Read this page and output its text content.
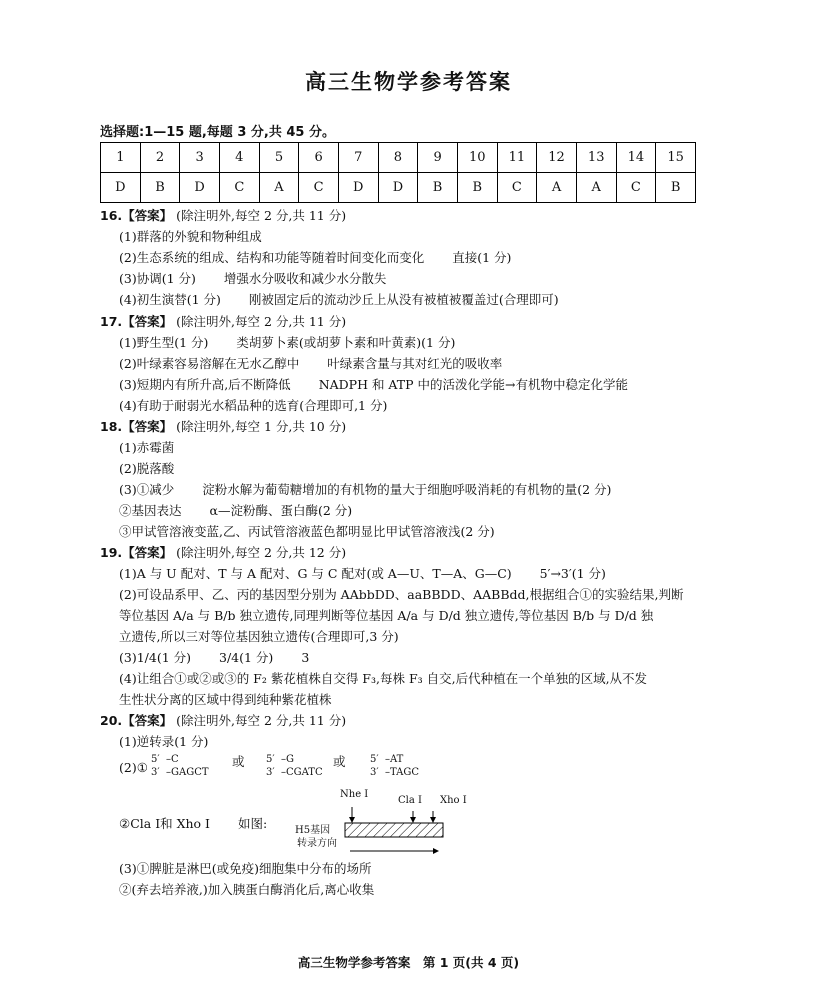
高三生物学参考答案
选择题:1—15 题,每题 3 分,共 45 分。
1	2	3	4	5	6	7	8	9	10	11	12	13	14	15
D	B	D	C	A	C	D	D	B	B	C	A	A	C	B
16.【答案】 (除注明外,每空 2 分,共 11 分)
(1)群落的外貌和物种组成
(2)生态系统的组成、结构和功能等随着时间变化而变化 直接(1 分)
(3)协调(1 分) 增强水分吸收和减少水分散失
(4)初生演替(1 分) 刚被固定后的流动沙丘上从没有被植被覆盖过(合理即可)
17.【答案】 (除注明外,每空 2 分,共 11 分)
(1)野生型(1 分) 类胡萝卜素(或胡萝卜素和叶黄素)(1 分)
(2)叶绿素容易溶解在无水乙醇中 叶绿素含量与其对红光的吸收率
(3)短期内有所升高,后不断降低 NADPH 和 ATP 中的活泼化学能→有机物中稳定化学能
(4)有助于耐弱光水稻品种的选育(合理即可,1 分)
18.【答案】 (除注明外,每空 1 分,共 10 分)
(1)赤霉菌
(2)脱落酸
(3)①减少 淀粉水解为葡萄糖增加的有机物的量大于细胞呼吸消耗的有机物的量(2 分)
②基因表达 α—淀粉酶、蛋白酶(2 分)
③甲试管溶液变蓝,乙、丙试管溶液蓝色都明显比甲试管溶液浅(2 分)
19.【答案】 (除注明外,每空 2 分,共 12 分)
(1)A 与 U 配对、T 与 A 配对、G 与 C 配对(或 A—U、T—A、G—C) 5′→3′(1 分)
(2)可设品系甲、乙、丙的基因型分别为 AAbbDD、aaBBDD、AABBdd,根据组合①的实验结果,判断
等位基因 A/a 与 B/b 独立遗传,同理判断等位基因 A/a 与 D/d 独立遗传,等位基因 B/b 与 D/d 独
立遗传,所以三对等位基因独立遗传(合理即可,3 分)
(3)1/4(1 分) 3/4(1 分) 3
(4)让组合①或②或③的 F₂ 紫花植株自交得 F₃,每株 F₃ 自交,后代种植在一个单独的区域,从不发
生性状分离的区域中得到纯种紫花植株
20.【答案】 (除注明外,每空 2 分,共 11 分)
(1)逆转录(1 分)
(2)①
5′  –C
3′  –GAGCT
或 5′  –G
3′  –CGATC
或 5′  –AT
3′  –TAGC
②Cla Ⅰ和 Xho Ⅰ 如图:
Nhe I
Cla I Xho I
H5基因
转录方向
(3)①脾脏是淋巴(或免疫)细胞集中分布的场所
②(弃去培养液,)加入胰蛋白酶消化后,离心收集
高三生物学参考答案　第 1 页(共 4 页)
